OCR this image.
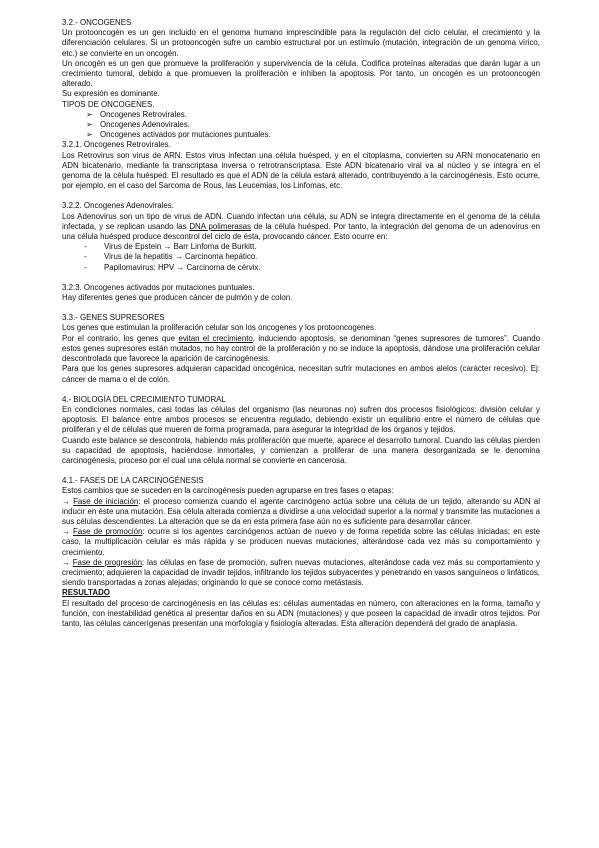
3.2.- ONCOGENES

Un protooncogén es un gen incluido en el genoma humano imprescindible para la regulación del ciclo celular, el crecimiento y la diferenciación celulares. Si un protooncogén sufre un cambio estructural por un estímulo (mutación, integración de un genoma vírico, etc.) se convierte en un oncogén.

Un oncogén es un gen que promueve la proliferación y supervivencia de la célula. Codifica proteínas alteradas que darán lugar a un crecimiento tumoral, debido a que promueven la proliferación e inhiben la apoptosis. Por tanto, un oncogén es un protooncogén alterado.

Su expresión es dominante.

TIPOS DE ONCOGENES.

➢ Oncogenes Retrovirales.
➢ Oncogenes Adenovirales.
➢ Oncogenes activados por mutaciones puntuales.

3.2.1. Oncogenes Retrovirales.

Los Retrovirus son virus de ARN. Estos virus infectan una célula huésped, y en el citoplasma, convierten su ARN monocatenario en ADN bicatenario, mediante la transcriptasa inversa o retrotranscriptasa. Este ADN bicatenario viral va al núcleo y se integra en el genoma de la célula huésped. El resultado es que el ADN de la célula estará alterado, contribuyendo a la carcinogénesis. Esto ocurre, por ejemplo, en el caso del Sarcoma de Rous, las Leucemias, los Linfomas, etc.

3.2.2. Oncogenes Adenovirales.

Los Adenovirus son un tipo de virus de ADN. Cuando infectan una célula, su ADN se integra directamente en el genoma de la célula infectada, y se replican usando las DNA polimerasas de la célula huésped. Por tanto, la integración del genoma de un adenovirus en una célula huésped produce descontrol del ciclo de ésta, provocando cáncer. Esto ocurre en:

- Virus de Epstein → Barr Linfoma de Burkitt.
- Virus de la hepatitis → Carcinoma hepático.
- Papilomavirus: HPV → Carcinoma de cérvix.

3.2.3. Oncogenes activados por mutaciones puntuales.

Hay diferentes genes que producen cáncer de pulmón y de colon.

3.3.- GENES SUPRESORES

Los genes que estimulan la proliferación celular son los oncogenes y los protooncogenes.

Por el contrario, los genes que evitan el crecimiento, induciendo apoptosis, se denominan “genes supresores de tumores”. Cuando estos genes supresores están mutados, no hay control de la proliferación y no se induce la apoptosis, dándose una proliferación celular descontrolada que favorece la aparición de carcinogénesis.

Para que los genes supresores adquieran capacidad oncogénica, necesitan sufrir mutaciones en ambos alelos (carácter recesivo). Ej: cáncer de mama o el de colón.

4.- BIOLOGÍA DEL CRECIMIENTO TUMORAL

En condiciones normales, casi todas las células del organismo (las neuronas no) sufren dos procesos fisiológicos: división celular y apoptosis. El balance entre ambos procesos se encuentra regulado, debiendo existir un equilibrio entre el número de células que proliferan y el de células que mueren de forma programada, para asegurar la integridad de los órganos y tejidos.

Cuando este balance se descontrola, habiendo más proliferación que muerte, aparece el desarrollo tumoral. Cuando las células pierden su capacidad de apoptosis, haciéndose inmortales, y comienzan a proliferar de una manera desorganizada se le denomina carcinogénesis, proceso por el cual una célula normal se convierte en cancerosa.

4.1.- FASES DE LA CARCINOGÉNESIS

Estos cambios que se suceden en la carcinogénesis pueden agruparse en tres fases o etapas:

→ Fase de iniciación: el proceso comienza cuando el agente carcinógeno actúa sobre una célula de un tejido, alterando su ADN al inducir en éste una mutación. Esa célula alterada comienza a dividirse a una velocidad superior a la normal y transmite las mutaciones a sus células descendientes. La alteración que se da en esta primera fase aún no es suficiente para desarrollar cáncer.

→ Fase de promoción: ocurre si los agentes carcinógenos actúan de nuevo y de forma repetida sobre las células iniciadas; en este caso, la multiplicación celular es más rápida y se producen nuevas mutaciones, alterándose cada vez más su comportamiento y crecimiento.

→ Fase de progresión: las células en fase de promoción, sufren nuevas mutaciones, alterándose cada vez más su comportamiento y crecimiento; adquieren la capacidad de invadir tejidos, infiltrando los tejidos subyacentes y penetrando en vasos sanguíneos o linfáticos, siendo transportadas a zonas alejadas, originando lo que se conoce como metástasis.

RESULTADO

El resultado del proceso de carcinogénesis en las células es: células aumentadas en número, con alteraciones en la forma, tamaño y función, con inestabilidad genética al presentar daños en su ADN (mutaciones) y que poseen la capacidad de invadir otros tejidos. Por tanto, las células cancerígenas presentan una morfología y fisiología alteradas. Esta alteración dependerá del grado de anaplasia.
